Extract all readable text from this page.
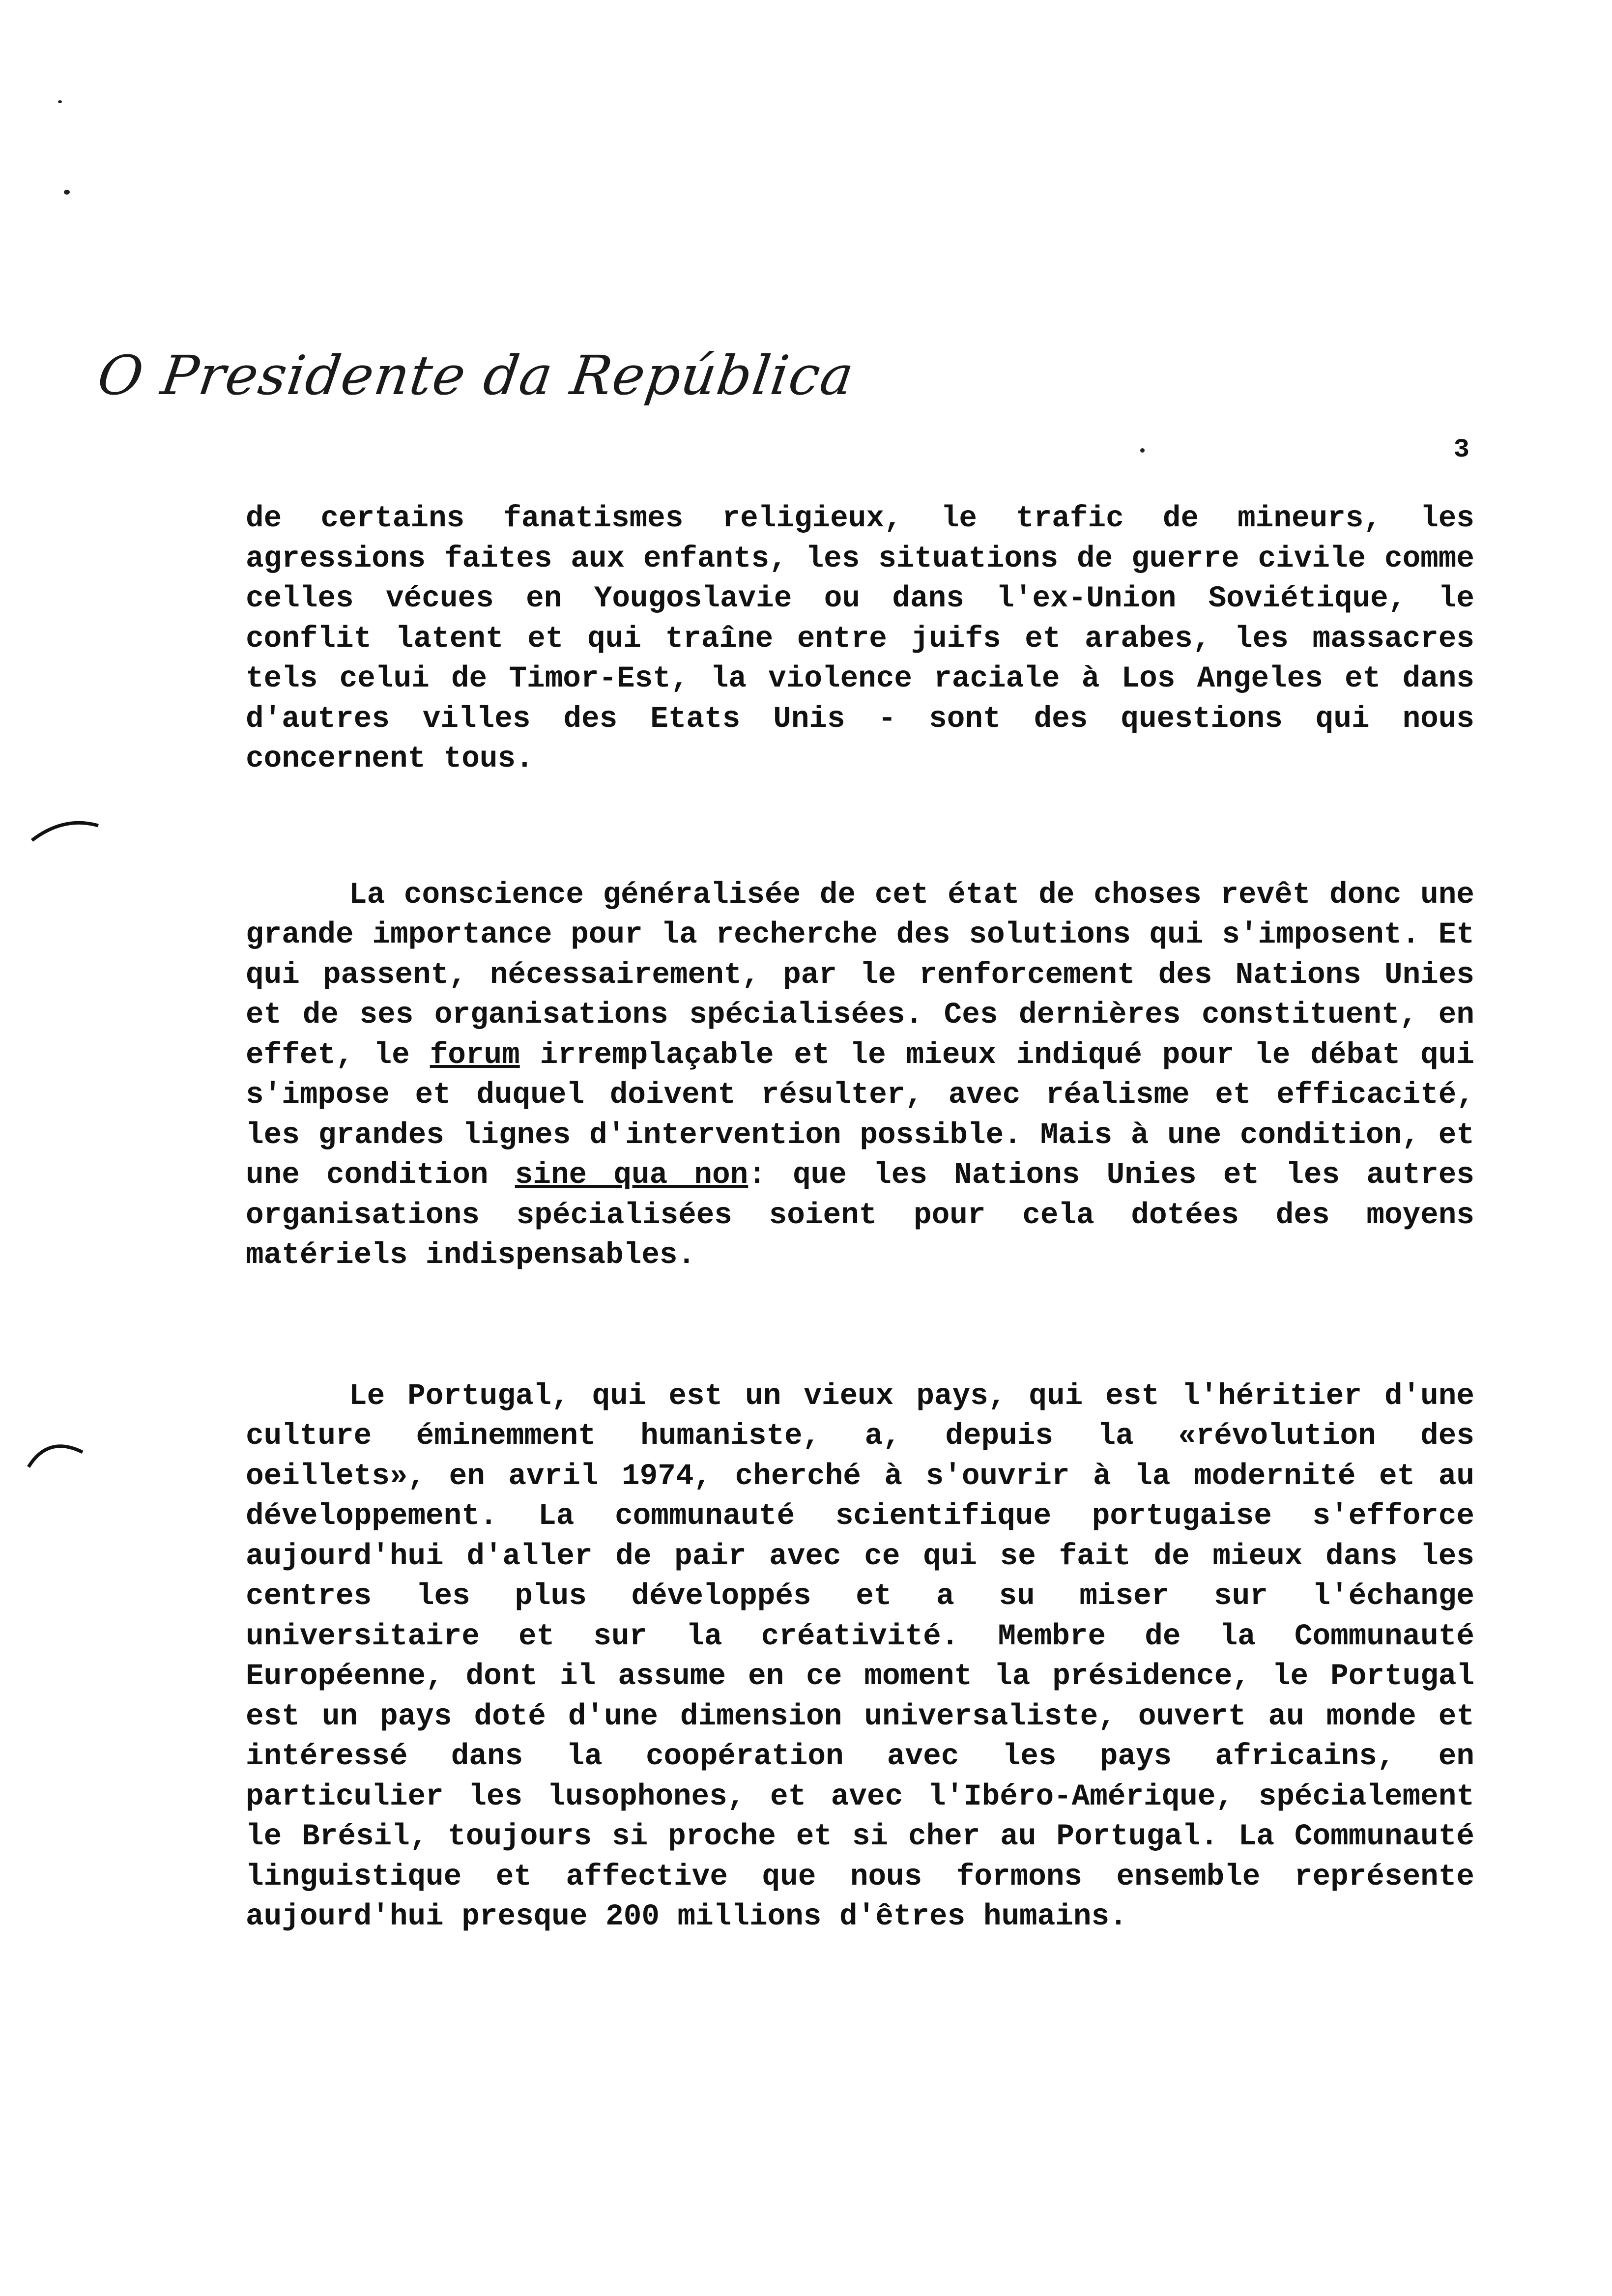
O Presidente da República
3

de certains fanatismes religieux, le trafic de mineurs, les agressions faites aux enfants, les situations de guerre civile comme celles vécues en Yougoslavie ou dans l'ex-Union Soviétique, le conflit latent et qui traîne entre juifs et arabes, les massacres tels celui de Timor-Est, la violence raciale à Los Angeles et dans d'autres villes des Etats Unis - sont des questions qui nous concernent tous.

La conscience généralisée de cet état de choses revêt donc une grande importance pour la recherche des solutions qui s'imposent. Et qui passent, nécessairement, par le renforcement des Nations Unies et de ses organisations spécialisées. Ces dernières constituent, en effet, le forum irremplaçable et le mieux indiqué pour le débat qui s'impose et duquel doivent résulter, avec réalisme et efficacité, les grandes lignes d'intervention possible. Mais à une condition, et une condition sine qua non: que les Nations Unies et les autres organisations spécialisées soient pour cela dotées des moyens matériels indispensables.

Le Portugal, qui est un vieux pays, qui est l'héritier d'une culture éminemment humaniste, a, depuis la «révolution des oeillets», en avril 1974, cherché à s'ouvrir à la modernité et au développement. La communauté scientifique portugaise s'efforce aujourd'hui d'aller de pair avec ce qui se fait de mieux dans les centres les plus développés et a su miser sur l'échange universitaire et sur la créativité. Membre de la Communauté Européenne, dont il assume en ce moment la présidence, le Portugal est un pays doté d'une dimension universaliste, ouvert au monde et intéressé dans la coopération avec les pays africains, en particulier les lusophones, et avec l'Ibéro-Amérique, spécialement le Brésil, toujours si proche et si cher au Portugal. La Communauté linguistique et affective que nous formons ensemble représente aujourd'hui presque 200 millions d'êtres humains.
